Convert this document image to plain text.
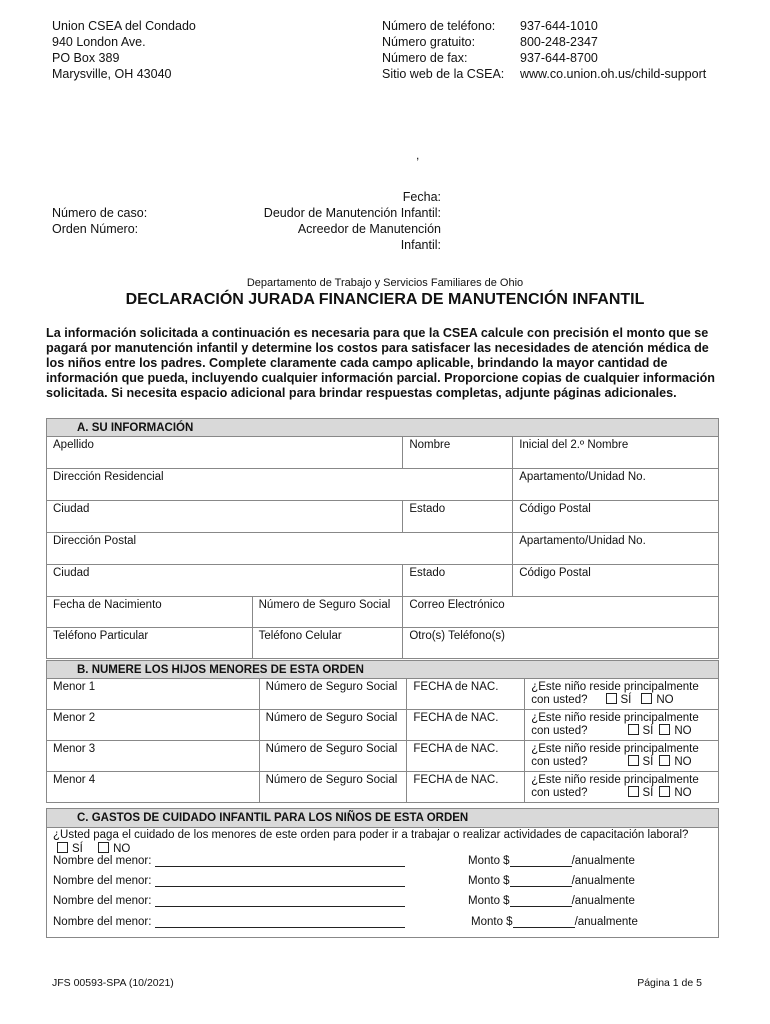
Union CSEA del Condado
940 London Ave.
PO Box 389
Marysville, OH 43040
Número de teléfono:	937-644-1010
Número gratuito:	800-248-2347
Número de fax:	937-644-8700
Sitio web de la CSEA:	www.co.union.oh.us/child-support
,
Número de caso:
Orden Número:
Fecha:
Deudor de Manutención Infantil:
Acreedor de Manutención
Infantil:
Departamento de Trabajo y Servicios Familiares de Ohio
DECLARACIÓN JURADA FINANCIERA DE MANUTENCIÓN INFANTIL
La información solicitada a continuación es necesaria para que la CSEA calcule con precisión el monto que se
pagará por manutención infantil y determine los costos para satisfacer las necesidades de atención médica de
los niños entre los padres. Complete claramente cada campo aplicable, brindando la mayor cantidad de
información que pueda, incluyendo cualquier información parcial. Proporcione copias de cualquier información
solicitada. Si necesita espacio adicional para brindar respuestas completas, adjunte páginas adicionales.
A. SU INFORMACIÓN			
Apellido		Nombre	Inicial del 2.º Nombre
Dirección Residencial			Apartamento/Unidad No.
Ciudad		Estado	Código Postal
Dirección Postal			Apartamento/Unidad No.
Ciudad		Estado	Código Postal
Fecha de Nacimiento	Número de Seguro Social	Correo Electrónico	
Teléfono Particular	Teléfono Celular	Otro(s) Teléfono(s)	
B. NUMERE LOS HIJOS MENORES DE ESTA ORDEN			
Menor 1	Número de Seguro Social	FECHA de NAC.	¿Este niño reside principalmente
con usted? SÍ NO

Menor 2	Número de Seguro Social	FECHA de NAC.	¿Este niño reside principalmente
con usted? SÍ NO

Menor 3	Número de Seguro Social	FECHA de NAC.	¿Este niño reside principalmente
con usted? SÍ NO

Menor 4	Número de Seguro Social	FECHA de NAC.	¿Este niño reside principalmente
con usted? SÍ NO
C. GASTOS DE CUIDADO INFANTIL PARA LOS NIÑOS DE ESTA ORDEN
¿Usted paga el cuidado de los menores de este orden para poder ir a trabajar o realizar actividades de capacitación laboral?
SÍ	NO
Nombre del menor:	Monto $	/anualmente
Nombre del menor:	Monto $	/anualmente
Nombre del menor:	Monto $	/anualmente
Nombre del menor:	Monto $	/anualmente
JFS 00593-SPA (10/2021)	Página 1 de 5
